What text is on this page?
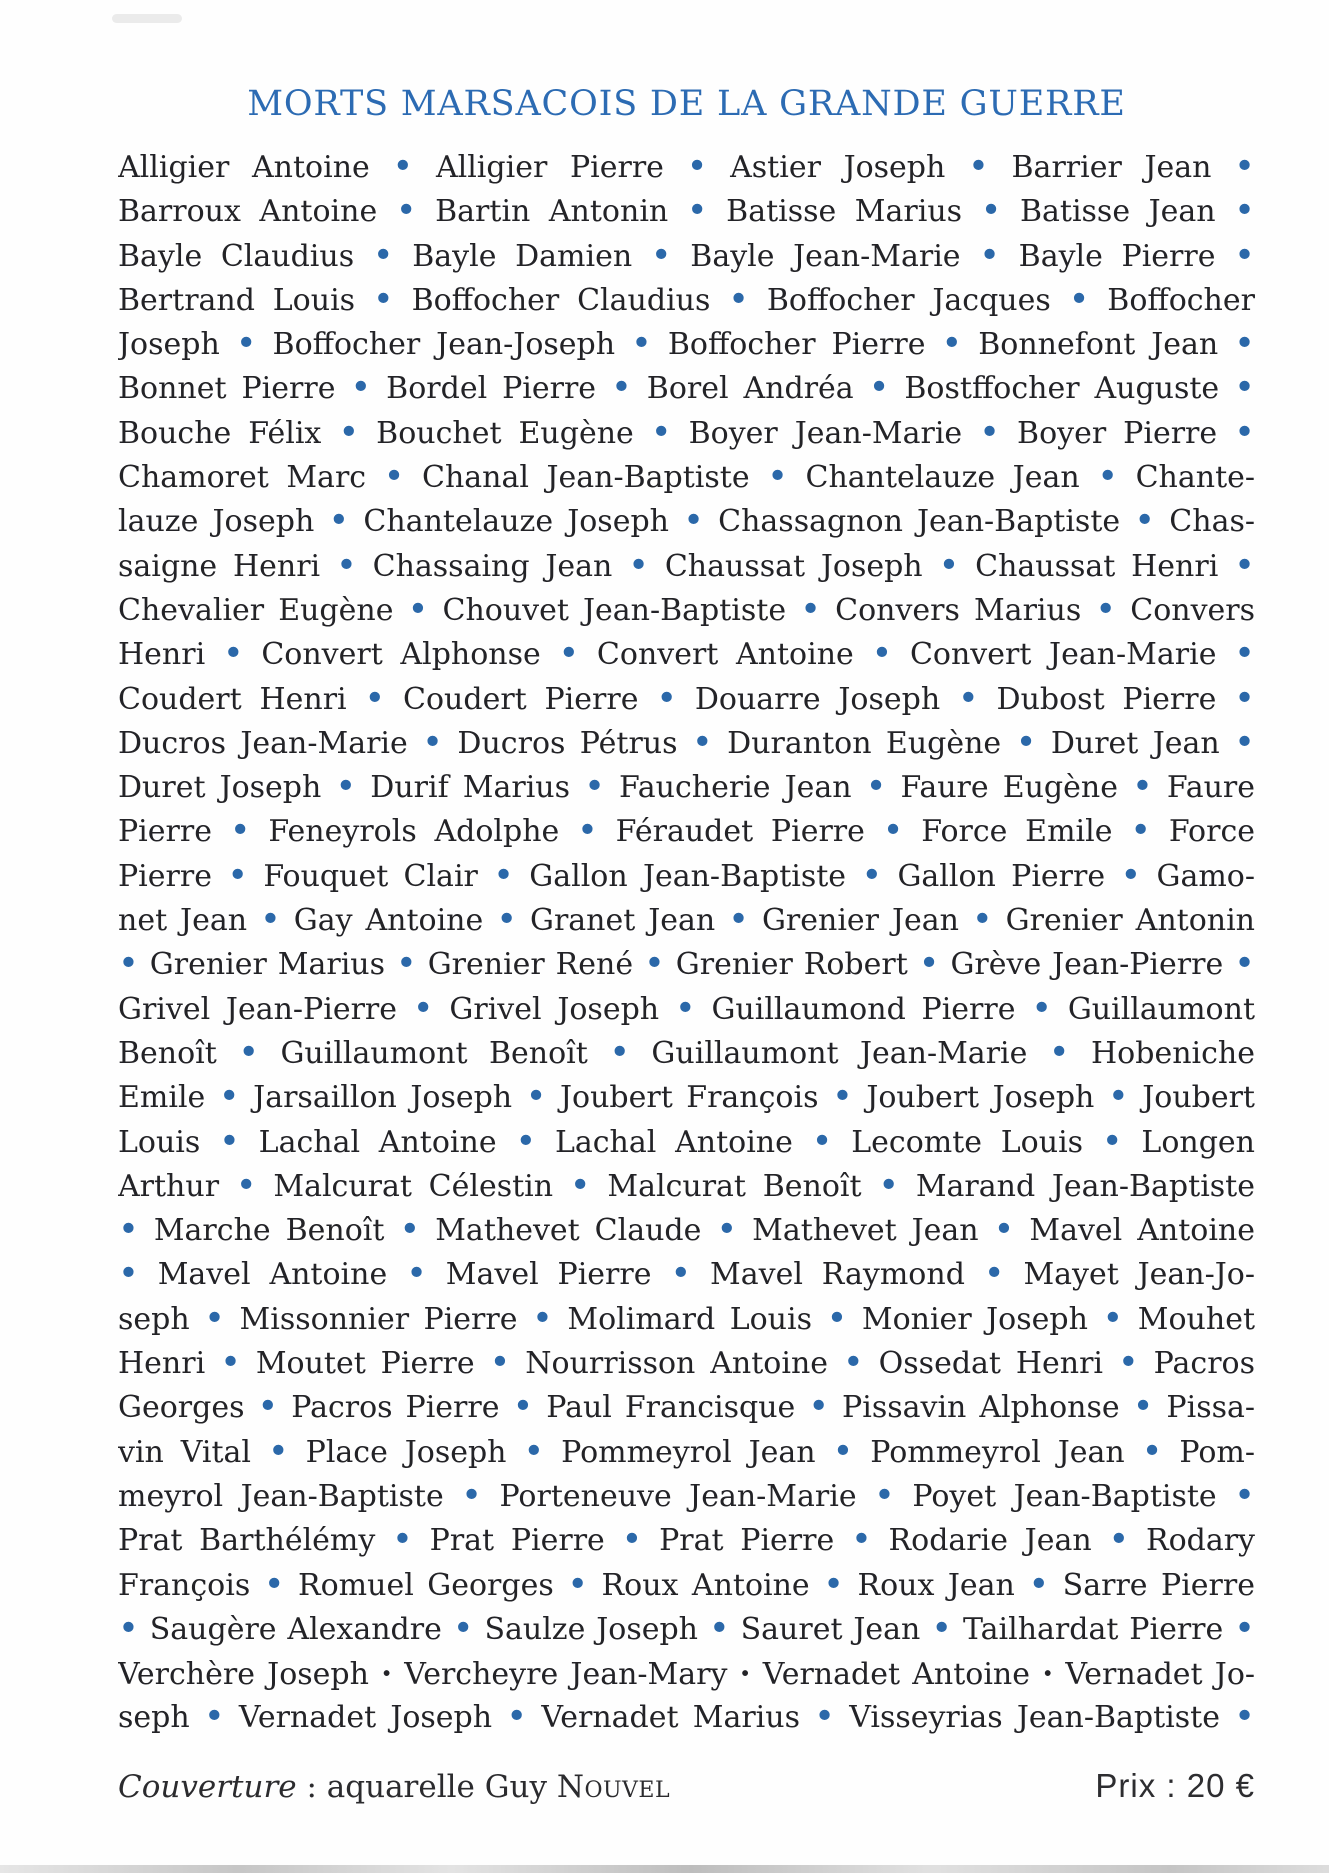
MORTS MARSACOIS DE LA GRANDE GUERRE
Alligier Antoine • Alligier Pierre • Astier Joseph • Barrier Jean •
Barroux Antoine • Bartin Antonin • Batisse Marius • Batisse Jean •
Bayle Claudius • Bayle Damien • Bayle Jean-Marie • Bayle Pierre •
Bertrand Louis • Boffocher Claudius • Boffocher Jacques • Boffocher
Joseph • Boffocher Jean-Joseph • Boffocher Pierre • Bonnefont Jean •
Bonnet Pierre • Bordel Pierre • Borel Andréa • Bostffocher Auguste •
Bouche Félix • Bouchet Eugène • Boyer Jean-Marie • Boyer Pierre •
Chamoret Marc • Chanal Jean-Baptiste • Chantelauze Jean • Chante-
lauze Joseph • Chantelauze Joseph • Chassagnon Jean-Baptiste • Chas-
saigne Henri • Chassaing Jean • Chaussat Joseph • Chaussat Henri •
Chevalier Eugène • Chouvet Jean-Baptiste • Convers Marius • Convers
Henri • Convert Alphonse • Convert Antoine • Convert Jean-Marie •
Coudert Henri • Coudert Pierre • Douarre Joseph • Dubost Pierre •
Ducros Jean-Marie • Ducros Pétrus • Duranton Eugène • Duret Jean •
Duret Joseph • Durif Marius • Faucherie Jean • Faure Eugène • Faure
Pierre • Feneyrols Adolphe • Féraudet Pierre • Force Emile • Force
Pierre • Fouquet Clair • Gallon Jean-Baptiste • Gallon Pierre • Gamo-
net Jean • Gay Antoine • Granet Jean • Grenier Jean • Grenier Antonin
• Grenier Marius • Grenier René • Grenier Robert • Grève Jean-Pierre •
Grivel Jean-Pierre • Grivel Joseph • Guillaumond Pierre • Guillaumont
Benoît • Guillaumont Benoît • Guillaumont Jean-Marie • Hobeniche
Emile • Jarsaillon Joseph • Joubert François • Joubert Joseph • Joubert
Louis • Lachal Antoine • Lachal Antoine • Lecomte Louis • Longen
Arthur • Malcurat Célestin • Malcurat Benoît • Marand Jean-Baptiste
• Marche Benoît • Mathevet Claude • Mathevet Jean • Mavel Antoine
• Mavel Antoine • Mavel Pierre • Mavel Raymond • Mayet Jean-Jo-
seph • Missonnier Pierre • Molimard Louis • Monier Joseph • Mouhet
Henri • Moutet Pierre • Nourrisson Antoine • Ossedat Henri • Pacros
Georges • Pacros Pierre • Paul Francisque • Pissavin Alphonse • Pissa-
vin Vital • Place Joseph • Pommeyrol Jean • Pommeyrol Jean • Pom-
meyrol Jean-Baptiste • Porteneuve Jean-Marie • Poyet Jean-Baptiste •
Prat Barthélémy • Prat Pierre • Prat Pierre • Rodarie Jean • Rodary
François • Romuel Georges • Roux Antoine • Roux Jean • Sarre Pierre
• Saugère Alexandre • Saulze Joseph • Sauret Jean • Tailhardat Pierre •
Verchère Joseph · Vercheyre Jean-Mary · Vernadet Antoine · Vernadet Jo-
seph • Vernadet Joseph • Vernadet Marius • Visseyrias Jean-Baptiste •
Couverture : aquarelle Guy Nouvel	Prix : 20 €
